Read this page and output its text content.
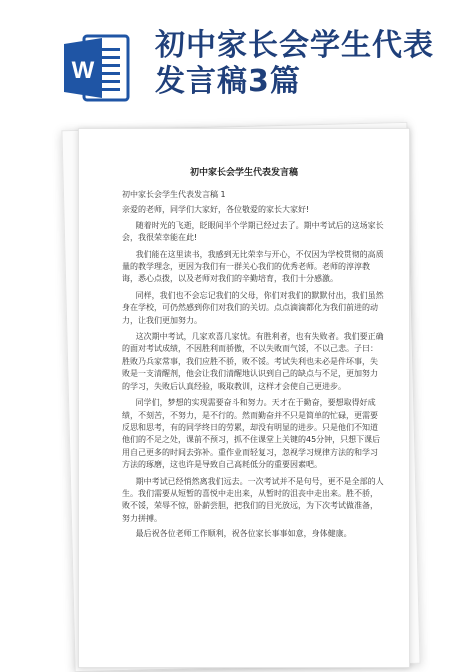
W
初中家长会学生代表发言稿3篇
初中家长会学生代表发言稿

初中家长会学生代表发言稿 1

亲爱的老师，同学们大家好，各位敬爱的家长大家好!

随着时光的飞逝，眨眼间半个学期已经过去了。期中考试后的这场家长会，我很荣幸能在此!

我们能在这里读书，我感到无比荣幸与开心，不仅因为学校贯彻的高质量的教学理念，更因为我们有一群关心我们的优秀老师。老师的淳淳教诲，悉心点拨，以及老师对我们的辛勤培育，我们十分感激。

同样，我们也不会忘记我们的父母，你们对我们的默默付出，我们虽然身在学校，可仍然感到你们对我们的关切。点点滴滴都化为我们前进的动力，让我们更加努力。

这次期中考试，几家欢喜几家忧。有胜利者，也有失败者。我们要正确的面对考试成绩，不因胜利而骄傲，不以失败而气馁，不以己悲。子曰：胜败乃兵家常事，我们应胜不骄，败不馁。考试失利也未必是件坏事，失败是一支清醒剂，他会让我们清醒地认识到自己的缺点与不足，更加努力的学习，失败后认真经验，吸取教训，这样才会使自己更进步。

同学们，梦想的实现需要奋斗和努力。天才在于勤奋，要想取得好成绩，不刻苦，不努力，是不行的。然而勤奋并不只是简单的忙碌，更需要反思和思考，有的同学终日的劳累，却没有明显的进步。只是他们不知道他们的不足之处，课前不预习，抓不住课堂上关键的45分钟，只想下课后用自己更多的时间去弥补。重作业而轻复习，忽视学习规律方法的和学习方法的琢磨，这也许是导致自己高耗低分的重要因素吧。

期中考试已经悄然离我们远去。一次考试并不是句号，更不是全部的人生。我们需要从短暂的喜悦中走出来，从暂时的沮丧中走出来。胜不骄，败不馁，荣辱不惊，卧薪尝胆，把我们的目光放远，为下次考试做准备，努力拼搏。

最后祝各位老师工作顺利，祝各位家长事事如意，身体健康。
